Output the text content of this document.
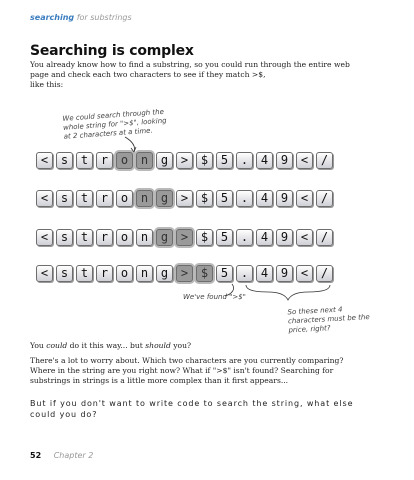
searching for substrings
Searching is complex
You already know how to find a substring, so you could run through the entire web page and check each two characters to see if they match >$,
like this:
We could search through the whole string for ">$", looking at 2 characters at a time.
<	s	t	r	o	n	g	>	$	5	.	4	9	<	/
<	s	t	r	o	n	g	>	$	5	.	4	9	<	/
<	s	t	r	o	n	g	>	$	5	.	4	9	<	/
<	s	t	r	o	n	g	>	$	5	.	4	9	<	/
We've found ">$"
So these next 4 characters must be the price, right?
You could do it this way... but should you?
There's a lot to worry about. Which two characters are you currently comparing? Where in the string are you right now? What if ">$" isn't found? Searching for substrings in strings is a little more complex than it first appears...
But if you don't want to write code to search the string, what else could you do?
52 Chapter 2
